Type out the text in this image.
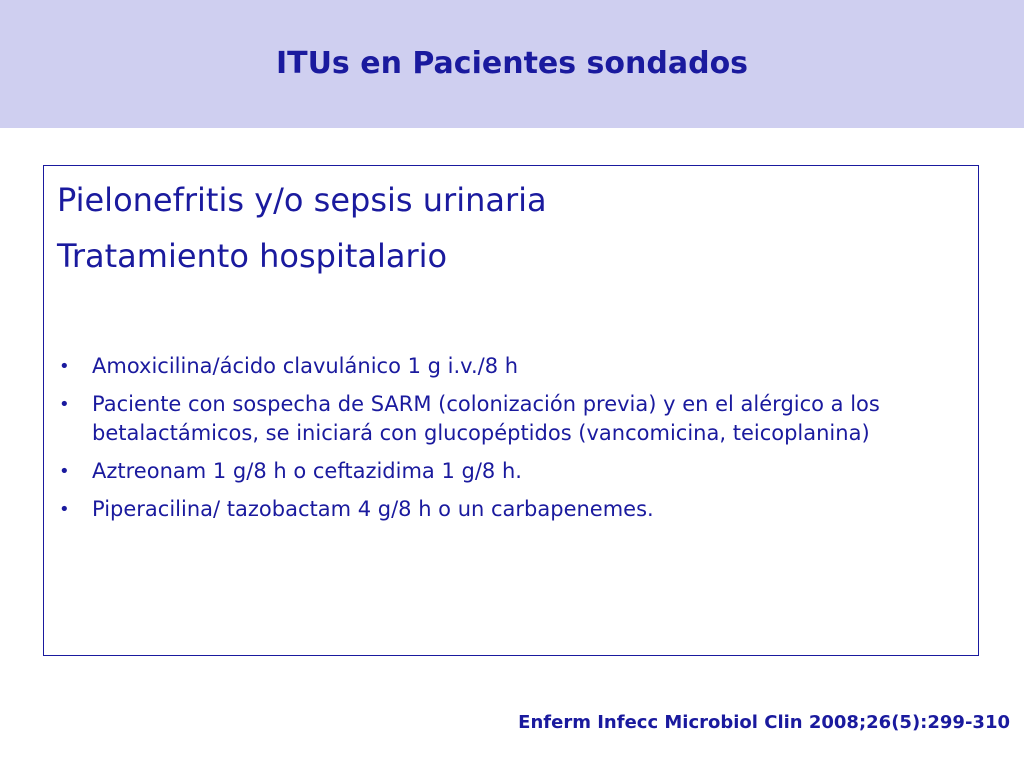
ITUs en Pacientes sondados
Pielonefritis y/o sepsis urinaria
Tratamiento hospitalario
• Amoxicilina/ácido clavulánico 1 g i.v./8 h
• Paciente con sospecha de SARM (colonización previa) y en el alérgico a los betalactámicos, se iniciará con glucopéptidos (vancomicina, teicoplanina)
• Aztreonam 1 g/8 h o ceftazidima 1 g/8 h.
• Piperacilina/ tazobactam 4 g/8 h o un carbapenemes.
Enferm Infecc Microbiol Clin 2008;26(5):299-310
